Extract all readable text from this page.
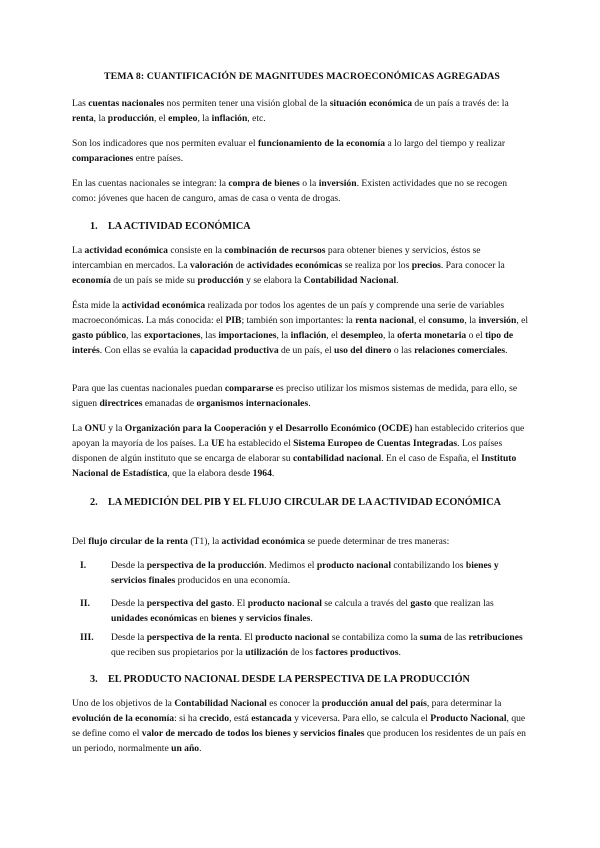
TEMA 8: CUANTIFICACIÓN DE MAGNITUDES MACROECONÓMICAS AGREGADAS

Las cuentas nacionales nos permiten tener una visión global de la situación económica de un país a través de: la renta, la producción, el empleo, la inflación, etc.

Son los indicadores que nos permiten evaluar el funcionamiento de la economía a lo largo del tiempo y realizar comparaciones entre países.

En las cuentas nacionales se integran: la compra de bienes o la inversión. Existen actividades que no se recogen como: jóvenes que hacen de canguro, amas de casa o venta de drogas.

1. LA ACTIVIDAD ECONÓMICA

La actividad económica consiste en la combinación de recursos para obtener bienes y servicios, éstos se intercambian en mercados. La valoración de actividades económicas se realiza por los precios. Para conocer la economía de un país se mide su producción y se elabora la Contabilidad Nacional.

Ésta mide la actividad económica realizada por todos los agentes de un país y comprende una serie de variables macroeconómicas. La más conocida: el PIB; también son importantes: la renta nacional, el consumo, la inversión, el gasto público, las exportaciones, las importaciones, la inflación, el desempleo, la oferta monetaria o el tipo de interés. Con ellas se evalúa la capacidad productiva de un país, el uso del dinero o las relaciones comerciales.

Para que las cuentas nacionales puedan compararse es preciso utilizar los mismos sistemas de medida, para ello, se siguen directrices emanadas de organismos internacionales.

La ONU y la Organización para la Cooperación y el Desarrollo Económico (OCDE) han establecido criterios que apoyan la mayoría de los países. La UE ha establecido el Sistema Europeo de Cuentas Integradas. Los países disponen de algún instituto que se encarga de elaborar su contabilidad nacional. En el caso de España, el Instituto Nacional de Estadística, que la elabora desde 1964.

2. LA MEDICIÓN DEL PIB Y EL FLUJO CIRCULAR DE LA ACTIVIDAD ECONÓMICA

Del flujo circular de la renta (T1), la actividad económica se puede determinar de tres maneras:

I.	Desde la perspectiva de la producción. Medimos el producto nacional contabilizando los bienes y servicios finales producidos en una economía.
II. Desde la perspectiva del gasto. El producto nacional se calcula a través del gasto que realizan las unidades económicas en bienes y servicios finales.
III. Desde la perspectiva de la renta. El producto nacional se contabiliza como la suma de las retribuciones que reciben sus propietarios por la utilización de los factores productivos.
3. EL PRODUCTO NACIONAL DESDE LA PERSPECTIVA DE LA PRODUCCIÓN

Uno de los objetivos de la Contabilidad Nacional es conocer la producción anual del país, para determinar la evolución de la economía: si ha crecido, está estancada y viceversa. Para ello, se calcula el Producto Nacional, que se define como el valor de mercado de todos los bienes y servicios finales que producen los residentes de un país en un periodo, normalmente un año.
